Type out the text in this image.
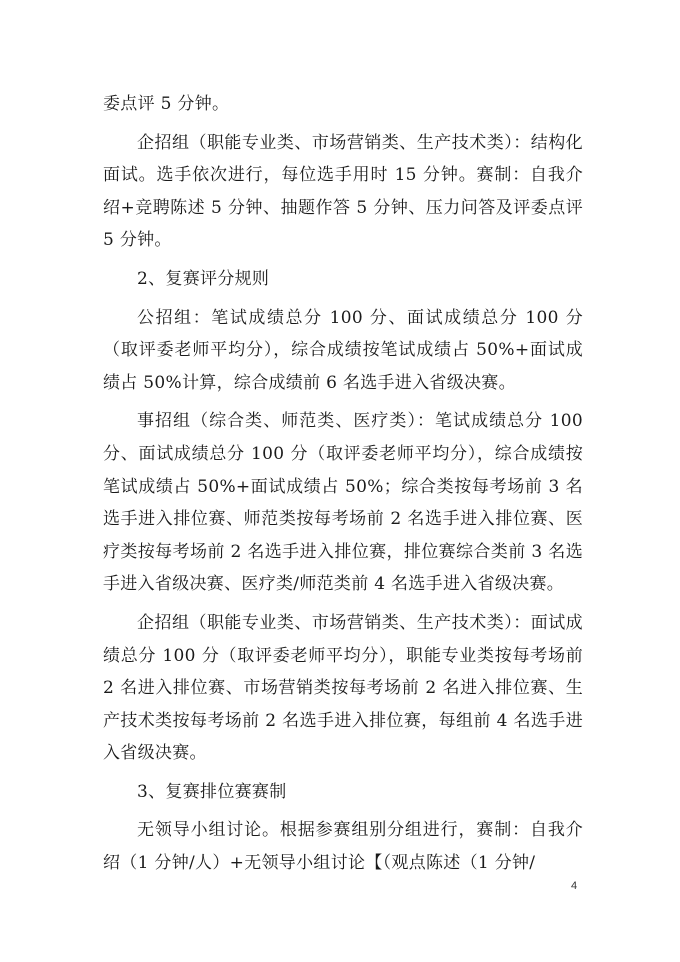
委点评 5 分钟。

企招组（职能专业类、市场营销类、生产技术类）：结构化面试。选手依次进行，每位选手用时 15 分钟。赛制：自我介绍+竞聘陈述 5 分钟、抽题作答 5 分钟、压力问答及评委点评 5 分钟。

2、复赛评分规则

公招组：笔试成绩总分 100 分、面试成绩总分 100 分（取评委老师平均分），综合成绩按笔试成绩占 50%+面试成绩占 50%计算，综合成绩前 6 名选手进入省级决赛。

事招组（综合类、师范类、医疗类）：笔试成绩总分 100 分、面试成绩总分 100 分（取评委老师平均分），综合成绩按笔试成绩占 50%+面试成绩占 50%；综合类按每考场前 3 名选手进入排位赛、师范类按每考场前 2 名选手进入排位赛、医疗类按每考场前 2 名选手进入排位赛，排位赛综合类前 3 名选手进入省级决赛、医疗类/师范类前 4 名选手进入省级决赛。

企招组（职能专业类、市场营销类、生产技术类）：面试成绩总分 100 分（取评委老师平均分），职能专业类按每考场前 2 名进入排位赛、市场营销类按每考场前 2 名进入排位赛、生产技术类按每考场前 2 名选手进入排位赛，每组前 4 名选手进入省级决赛。

3、复赛排位赛赛制

无领导小组讨论。根据参赛组别分组进行，赛制：自我介绍（1 分钟/人）+无领导小组讨论【（观点陈述（1 分钟/

4
